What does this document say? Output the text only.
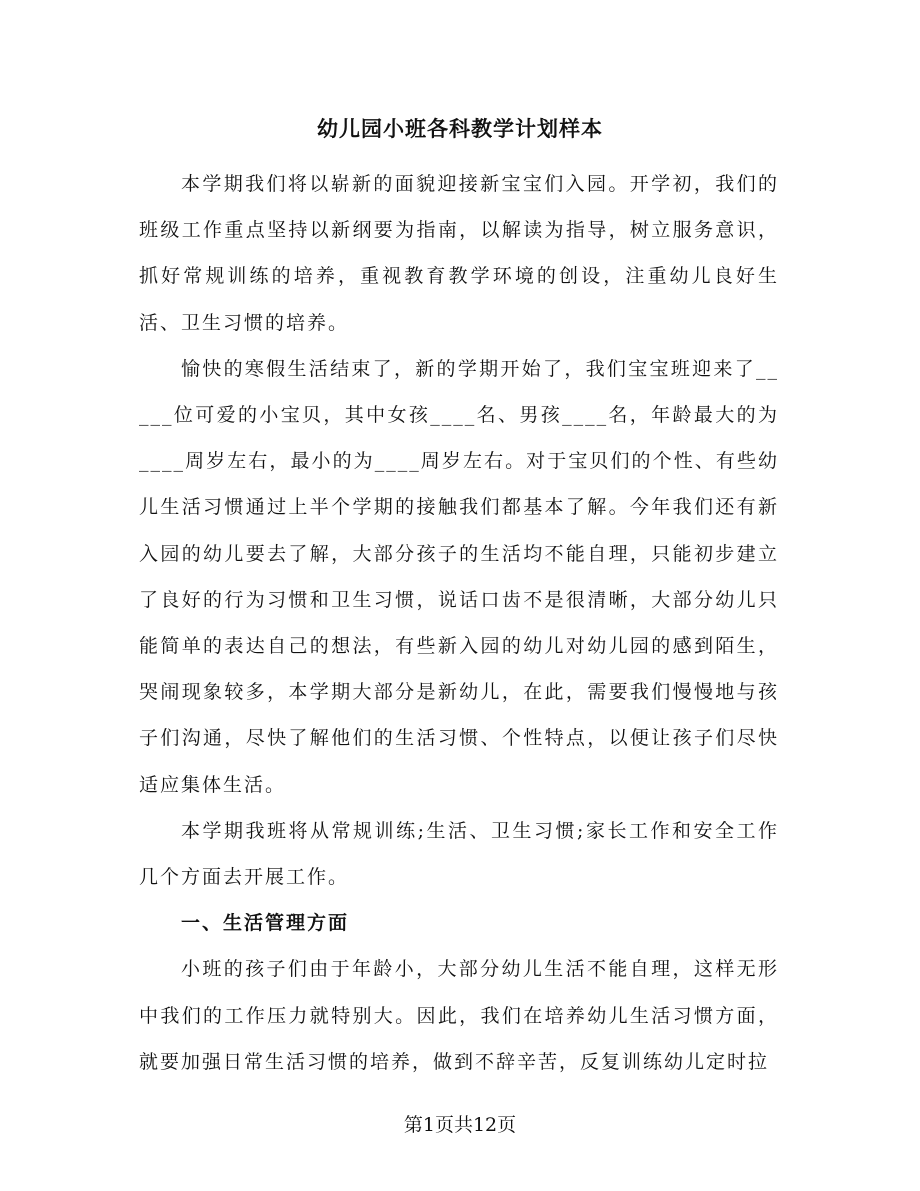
幼儿园小班各科教学计划样本

本学期我们将以崭新的面貌迎接新宝宝们入园。开学初，我们的班级工作重点坚持以新纲要为指南，以解读为指导，树立服务意识，抓好常规训练的培养，重视教育教学环境的创设，注重幼儿良好生活、卫生习惯的培养。

愉快的寒假生活结束了，新的学期开始了，我们宝宝班迎来了_____位可爱的小宝贝，其中女孩____名、男孩____名，年龄最大的为____周岁左右，最小的为____周岁左右。对于宝贝们的个性、有些幼儿生活习惯通过上半个学期的接触我们都基本了解。今年我们还有新入园的幼儿要去了解，大部分孩子的生活均不能自理，只能初步建立了良好的行为习惯和卫生习惯，说话口齿不是很清晰，大部分幼儿只能简单的表达自己的想法，有些新入园的幼儿对幼儿园的感到陌生，哭闹现象较多，本学期大部分是新幼儿，在此，需要我们慢慢地与孩子们沟通，尽快了解他们的生活习惯、个性特点，以便让孩子们尽快适应集体生活。

本学期我班将从常规训练;生活、卫生习惯;家长工作和安全工作几个方面去开展工作。

一、生活管理方面

小班的孩子们由于年龄小，大部分幼儿生活不能自理，这样无形中我们的工作压力就特别大。因此，我们在培养幼儿生活习惯方面，就要加强日常生活习惯的培养，做到不辞辛苦，反复训练幼儿定时拉

第1页共12页
